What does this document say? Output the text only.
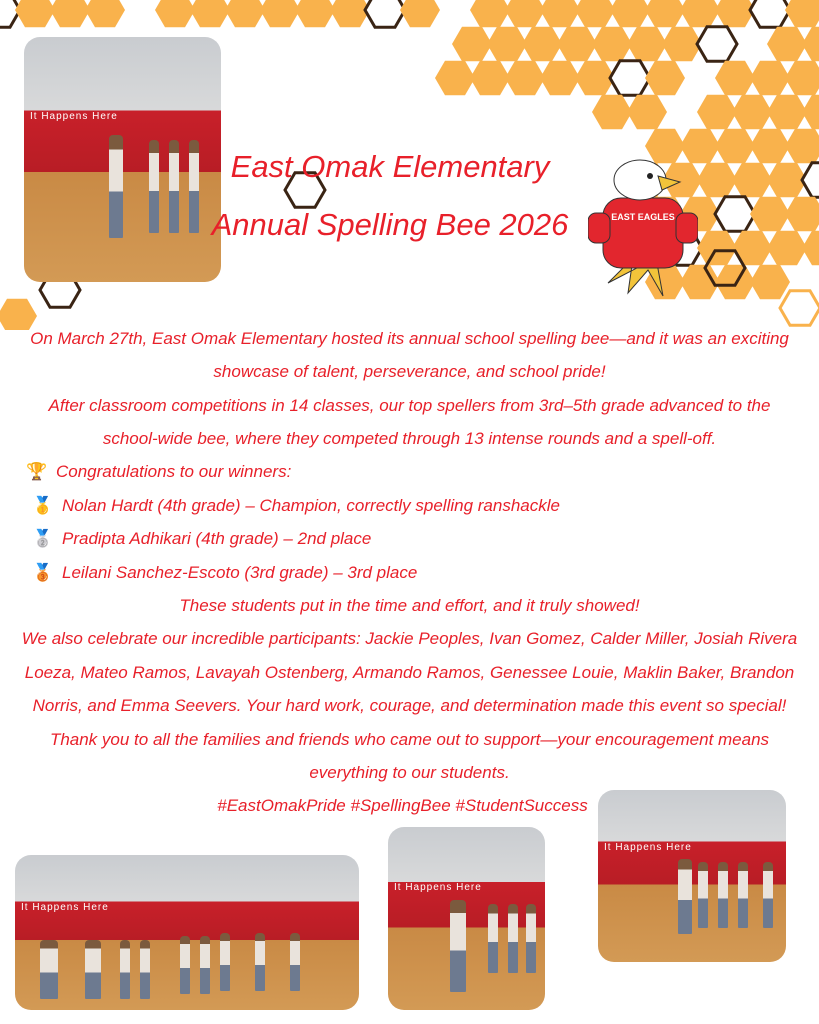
It Happens Here
East Omak Elementary
Annual Spelling Bee 2026	EAST EAGLES
On March 27th, East Omak Elementary hosted its annual school spelling bee—and it was an exciting
showcase of talent, perseverance, and school pride!
After classroom competitions in 14 classes, our top spellers from 3rd–5th grade advanced to the
school-wide bee, where they competed through 13 intense rounds and a spell-off.
🏆 Congratulations to our winners:
🥇 Nolan Hardt (4th grade) – Champion, correctly spelling ranshackle
🥈 Pradipta Adhikari (4th grade) – 2nd place
🥉 Leilani Sanchez-Escoto (3rd grade) – 3rd place
These students put in the time and effort, and it truly showed!
We also celebrate our incredible participants: Jackie Peoples, Ivan Gomez, Calder Miller, Josiah Rivera
Loeza, Mateo Ramos, Lavayah Ostenberg, Armando Ramos, Genessee Louie, Maklin Baker, Brandon
Norris, and Emma Seevers. Your hard work, courage, and determination made this event so special!
Thank you to all the families and friends who came out to support—your encouragement means
everything to our students.
#EastOmakPride #SpellingBee #StudentSuccess
It Happens Here
It Happens Here
It Happens Here
